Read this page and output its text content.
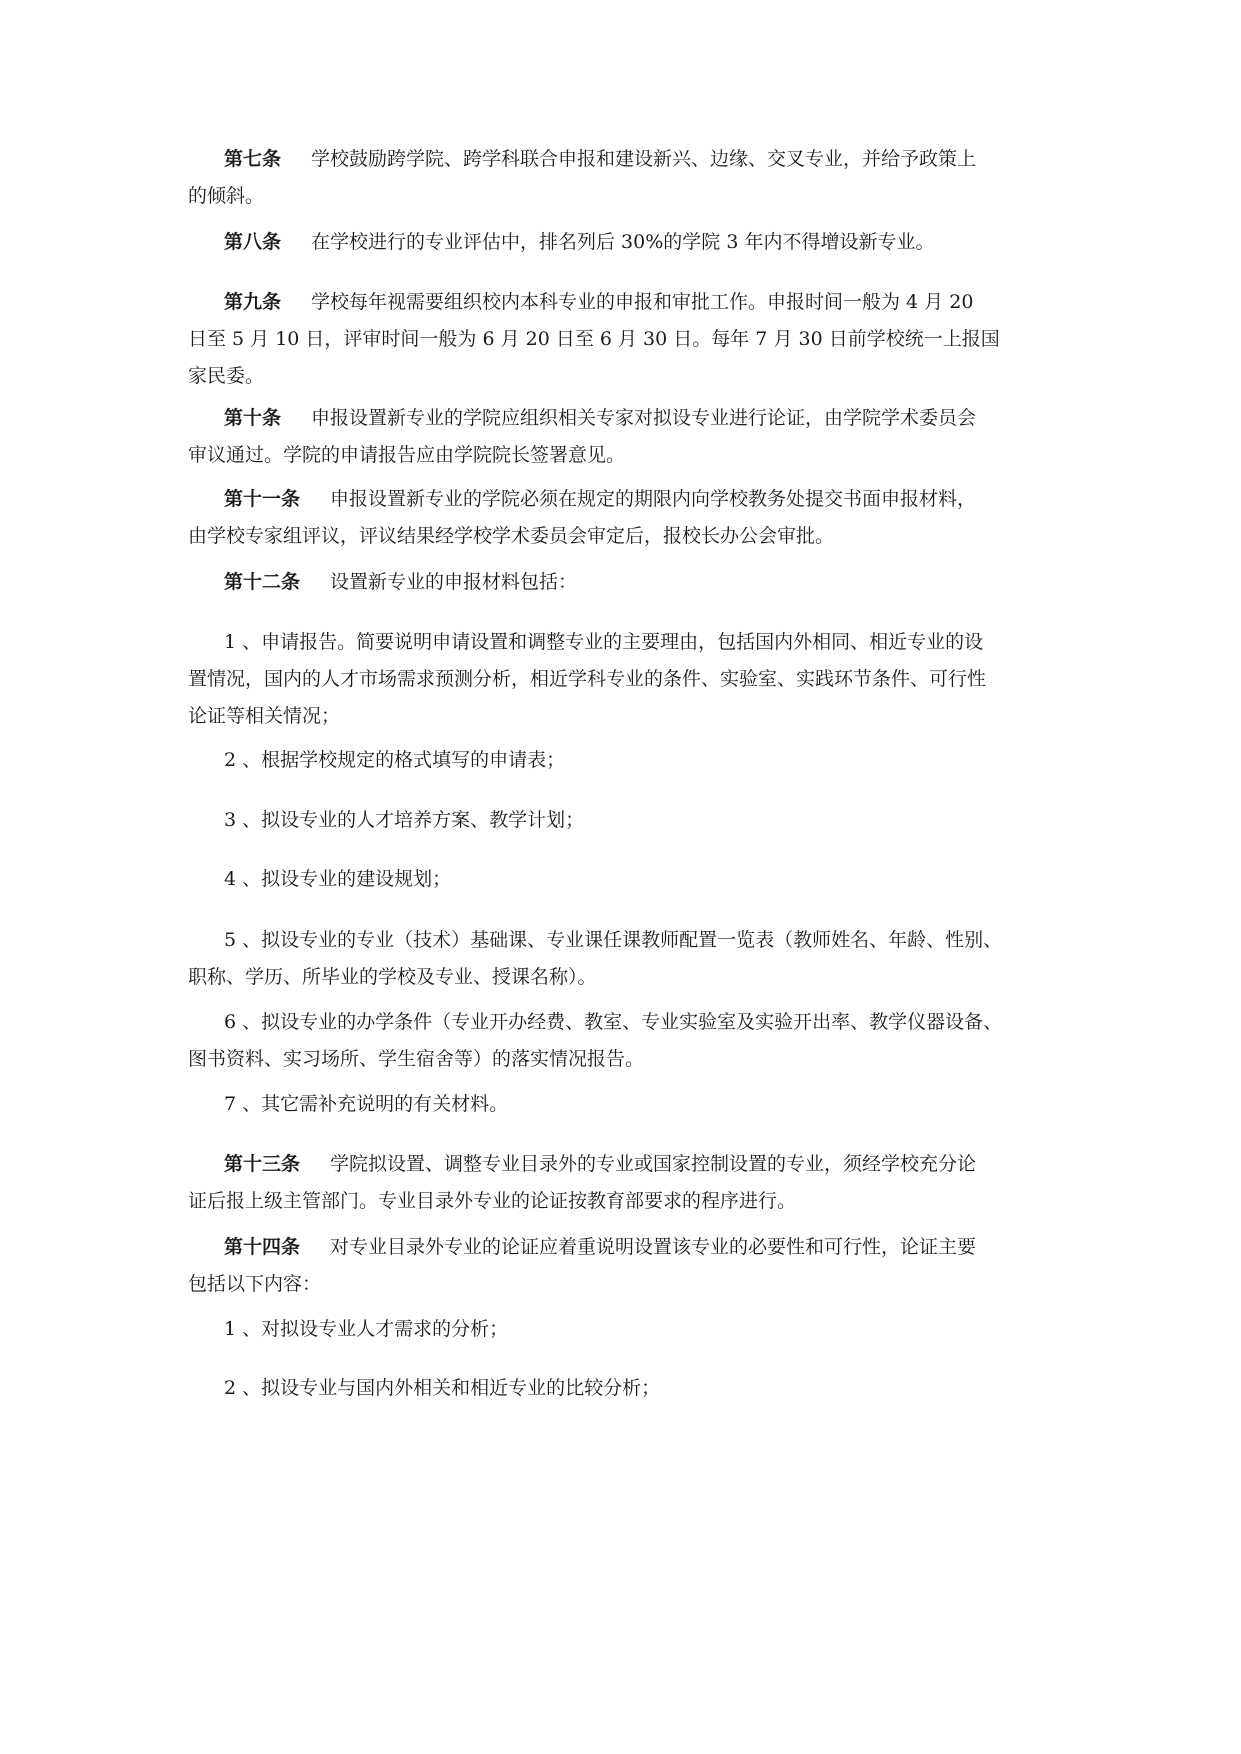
第七条 学校鼓励跨学院、跨学科联合申报和建设新兴、边缘、交叉专业，并给予政策上
的倾斜。
第八条 在学校进行的专业评估中，排名列后 30%的学院 3 年内不得增设新专业。
第九条 学校每年视需要组织校内本科专业的申报和审批工作。申报时间一般为 4 月 20
日至 5 月 10 日，评审时间一般为 6 月 20 日至 6 月 30 日。每年 7 月 30 日前学校统一上报国
家民委。
第十条 申报设置新专业的学院应组织相关专家对拟设专业进行论证，由学院学术委员会
审议通过。学院的申请报告应由学院院长签署意见。
第十一条 申报设置新专业的学院必须在规定的期限内向学校教务处提交书面申报材料，
由学校专家组评议，评议结果经学校学术委员会审定后，报校长办公会审批。
第十二条 设置新专业的申报材料包括：
1 、申请报告。简要说明申请设置和调整专业的主要理由，包括国内外相同、相近专业的设
置情况，国内的人才市场需求预测分析，相近学科专业的条件、实验室、实践环节条件、可行性
论证等相关情况；
2 、根据学校规定的格式填写的申请表；
3 、拟设专业的人才培养方案、教学计划；
4 、拟设专业的建设规划；
5 、拟设专业的专业（技术）基础课、专业课任课教师配置一览表（教师姓名、年龄、性别、
职称、学历、所毕业的学校及专业、授课名称）。
6 、拟设专业的办学条件（专业开办经费、教室、专业实验室及实验开出率、教学仪器设备、
图书资料、实习场所、学生宿舍等）的落实情况报告。
7 、其它需补充说明的有关材料。
第十三条 学院拟设置、调整专业目录外的专业或国家控制设置的专业，须经学校充分论
证后报上级主管部门。专业目录外专业的论证按教育部要求的程序进行。
第十四条 对专业目录外专业的论证应着重说明设置该专业的必要性和可行性，论证主要
包括以下内容：
1 、对拟设专业人才需求的分析；
2 、拟设专业与国内外相关和相近专业的比较分析；
